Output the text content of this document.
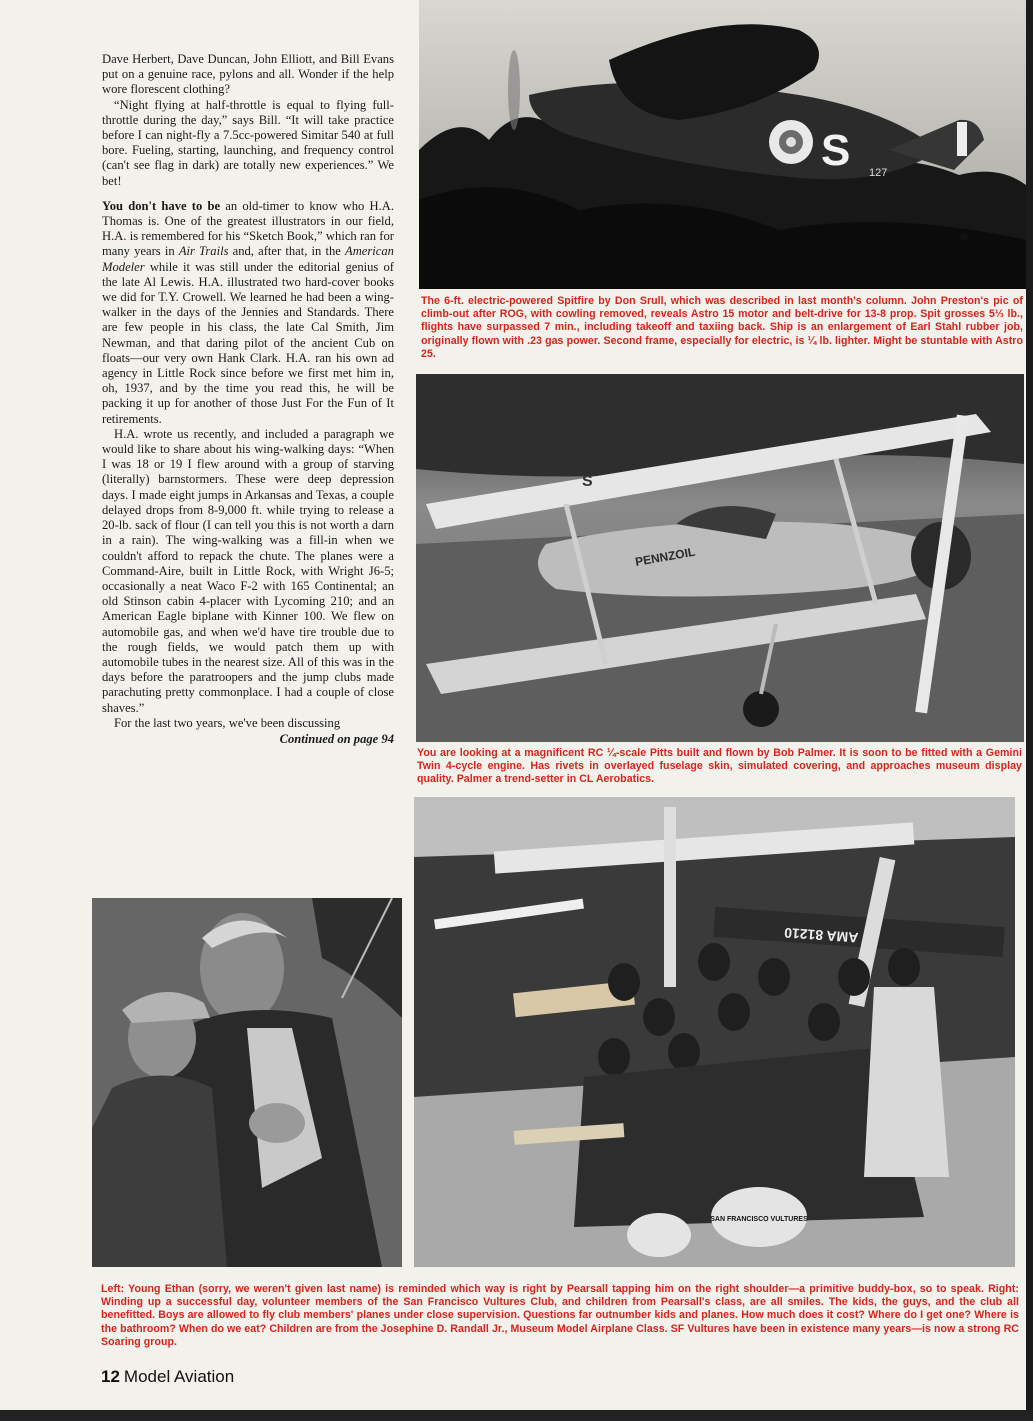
Dave Herbert, Dave Duncan, John Elliott, and Bill Evans put on a genuine race, pylons and all. Wonder if the help wore florescent clothing?

“Night flying at half-throttle is equal to flying full-throttle during the day,” says Bill. “It will take practice before I can night-fly a 7.5cc-powered Simitar 540 at full bore. Fueling, starting, launching, and frequency control (can't see flag in dark) are totally new experiences.” We bet!

You don't have to be an old-timer to know who H.A. Thomas is. One of the greatest illustrators in our field, H.A. is remembered for his “Sketch Book,” which ran for many years in Air Trails and, after that, in the American Modeler while it was still under the editorial genius of the late Al Lewis. H.A. illustrated two hard-cover books we did for T.Y. Crowell. We learned he had been a wing-walker in the days of the Jennies and Standards. There are few people in his class, the late Cal Smith, Jim Newman, and that daring pilot of the ancient Cub on floats—our very own Hank Clark. H.A. ran his own ad agency in Little Rock since before we first met him in, oh, 1937, and by the time you read this, he will be packing it up for another of those Just For the Fun of It retirements.

H.A. wrote us recently, and included a paragraph we would like to share about his wing-walking days: “When I was 18 or 19 I flew around with a group of starving (literally) barnstormers. These were deep depression days. I made eight jumps in Arkansas and Texas, a couple delayed drops from 8-9,000 ft. while trying to release a 20-lb. sack of flour (I can tell you this is not worth a darn in a rain). The wing-walking was a fill-in when we couldn't afford to repack the chute. The planes were a Command-Aire, built in Little Rock, with Wright J6-5; occasionally a neat Waco F-2 with 165 Continental; an old Stinson cabin 4-placer with Lycoming 210; and an American Eagle biplane with Kinner 100. We flew on automobile gas, and when we'd have tire trouble due to the rough fields, we would patch them up with automobile tubes in the nearest size. All of this was in the days before the paratroopers and the jump clubs made parachuting pretty commonplace. I had a couple of close shaves.”

For the last two years, we've been discussing

Continued on page 94
S 127
The 6-ft. electric-powered Spitfire by Don Srull, which was described in last month's column. John Preston's pic of climb-out after ROG, with cowling removed, reveals Astro 15 motor and belt-drive for 13-8 prop. Spit grosses 5⅓ lb., flights have surpassed 7 min., including takeoff and taxiing back. Ship is an enlargement of Earl Stahl rubber job, originally flown with .23 gas power. Second frame, especially for electric, is ¼ lb. lighter. Might be stuntable with Astro 25.
PENNZOIL
S
You are looking at a magnificent RC ¼-scale Pitts built and flown by Bob Palmer. It is soon to be fitted with a Gemini Twin 4-cycle engine. Has rivets in overlayed fuselage skin, simulated covering, and approaches museum display quality. Palmer a trend-setter in CL Aerobatics.
AMA 81210
SAN FRANCISCO VULTURES
Left: Young Ethan (sorry, we weren't given last name) is reminded which way is right by Pearsall tapping him on the right shoulder—a primitive buddy-box, so to speak. Right: Winding up a successful day, volunteer members of the San Francisco Vultures Club, and children from Pearsall's class, are all smiles. The kids, the guys, and the club all benefitted. Boys are allowed to fly club members' planes under close supervision. Questions far outnumber kids and planes. How much does it cost? Where do I get one? Where is the bathroom? When do we eat? Children are from the Josephine D. Randall Jr., Museum Model Airplane Class. SF Vultures have been in existence many years—is now a strong RC Soaring group.
12 Model Aviation
